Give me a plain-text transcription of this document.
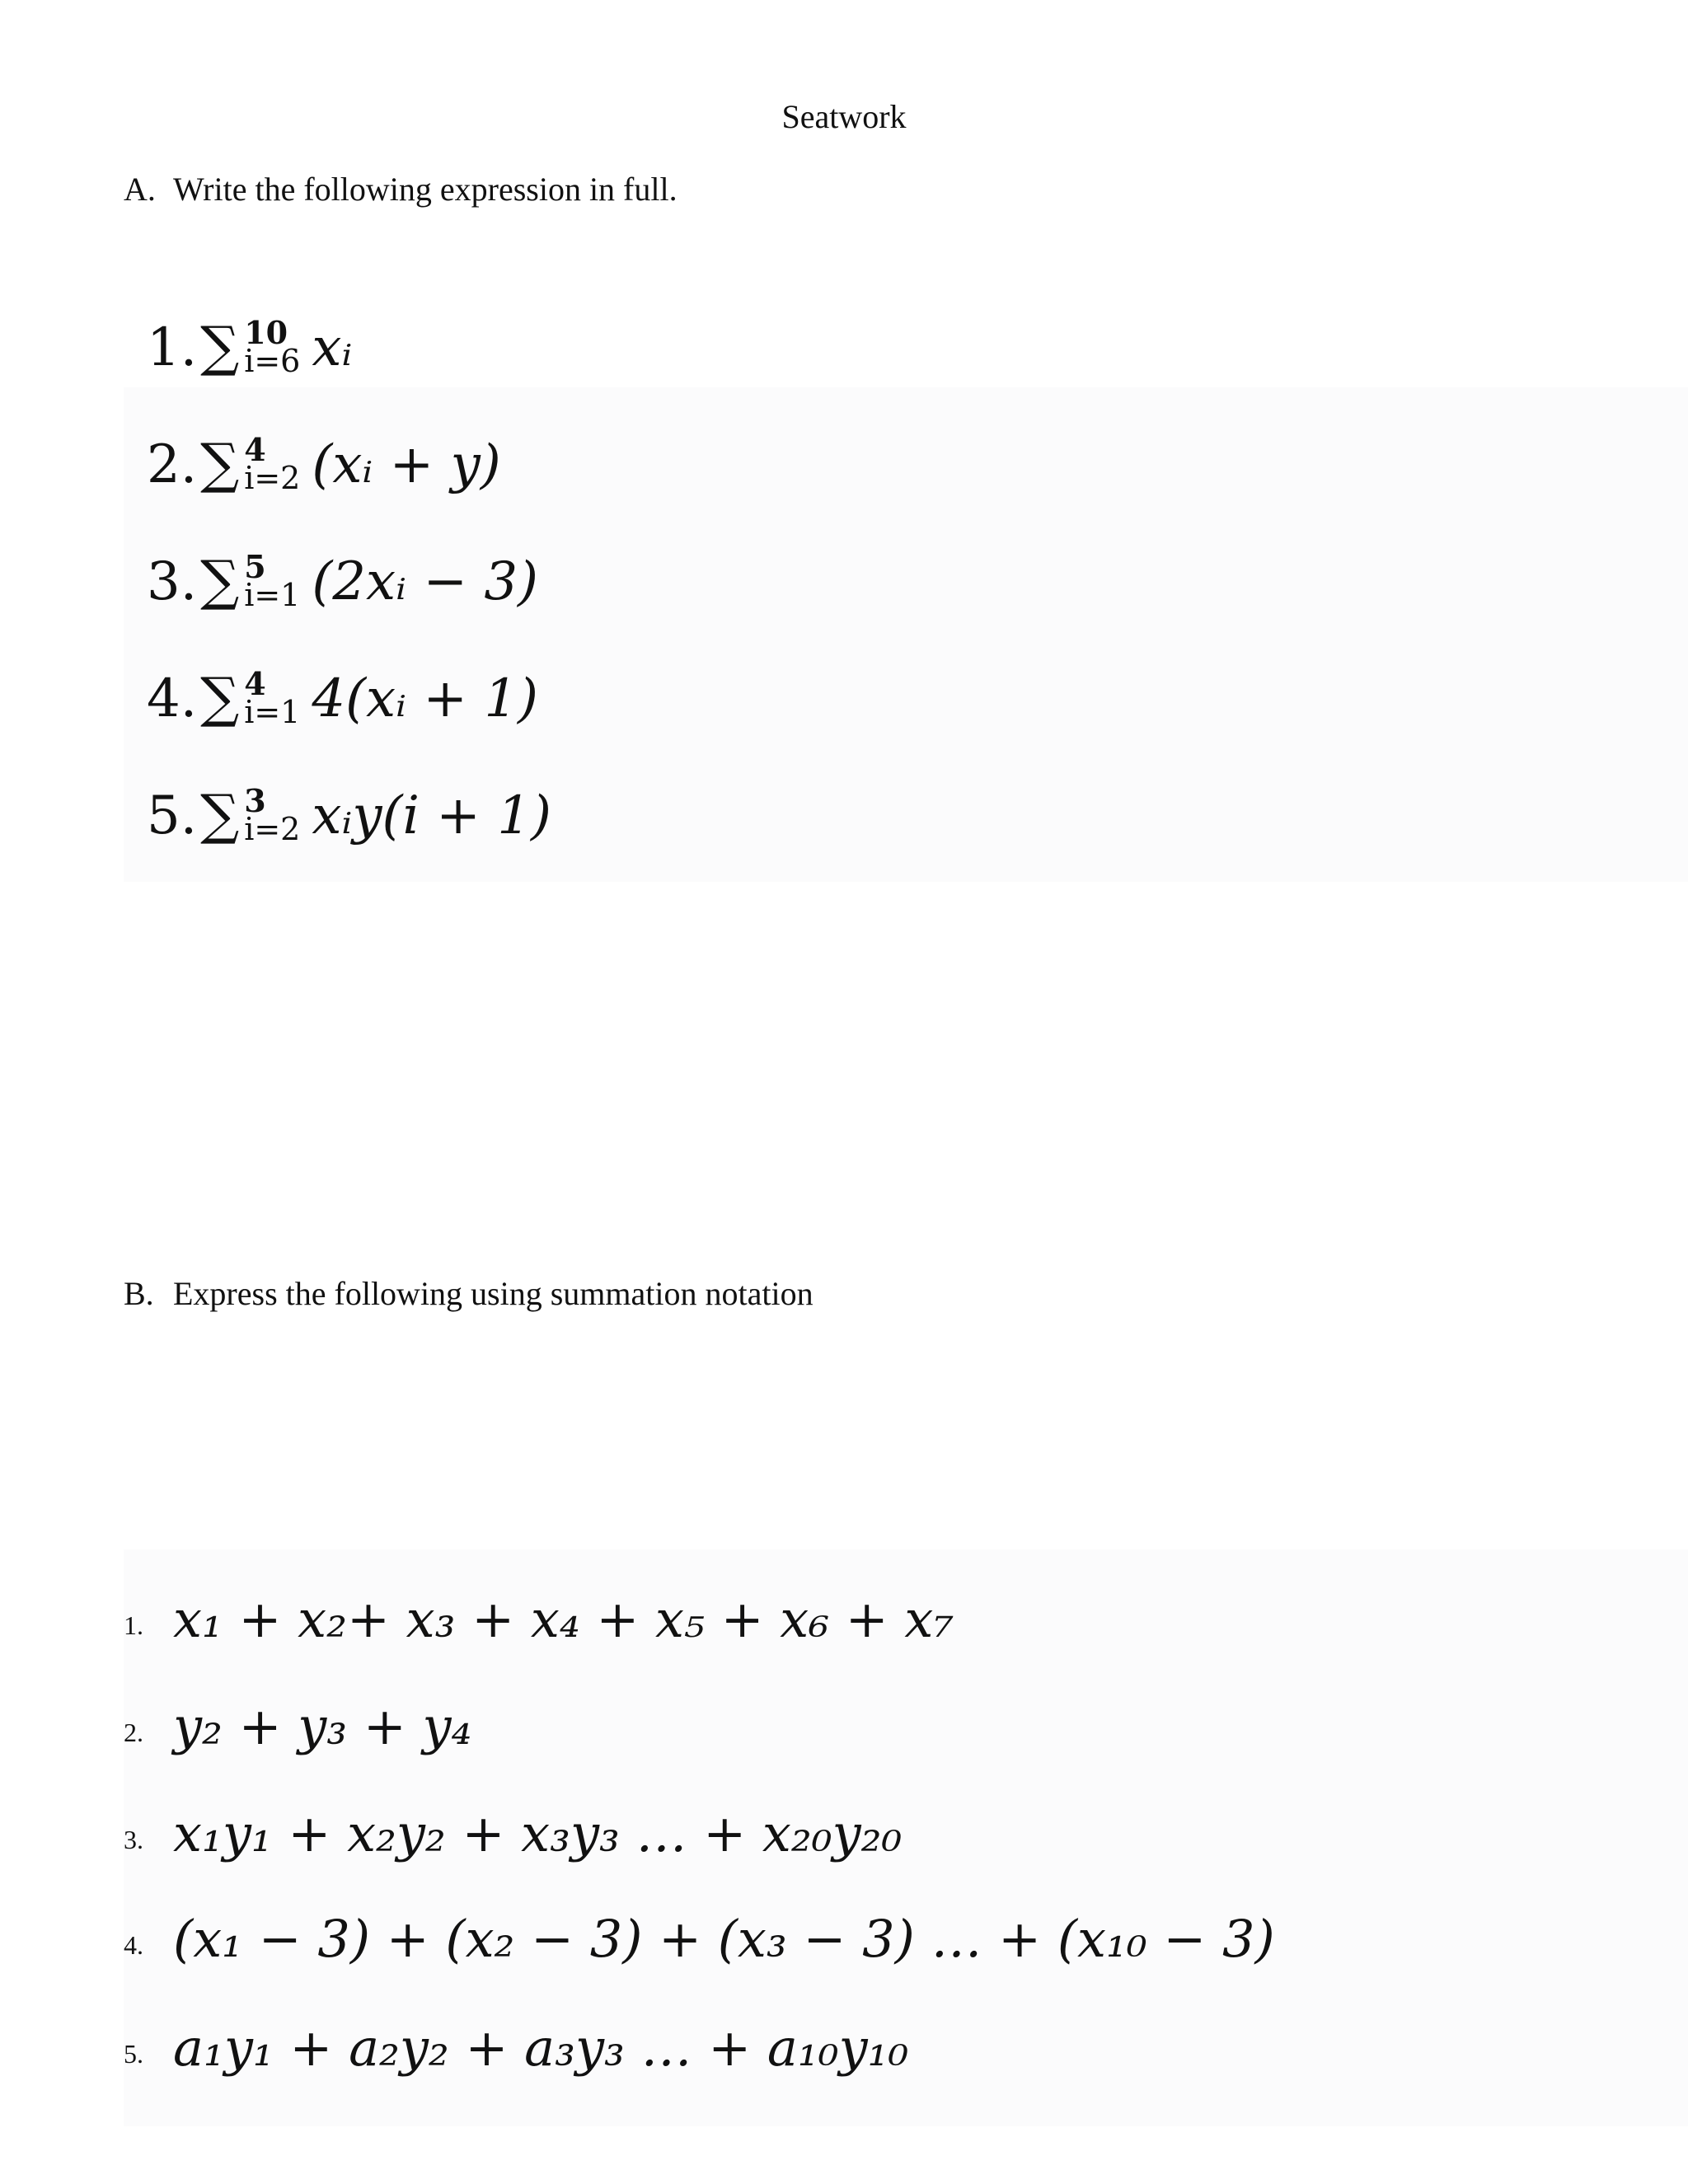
Seatwork
A. Write the following expression in full.
1.∑ 10
i=6 xᵢ
2.∑ 4
i=2 (xᵢ + y)
3.∑ 5
i=1 (2xᵢ − 3)
4.∑ 4
i=1 4(xᵢ + 1)
5.∑ 3
i=2 xᵢy(i + 1)
B. Express the following using summation notation
1. x₁ + x₂+ x₃ + x₄ + x₅ + x₆ + x₇
2. y₂ + y₃ + y₄
3. x₁y₁ + x₂y₂ + x₃y₃ … + x₂₀y₂₀
4. (x₁ − 3) + (x₂ − 3) + (x₃ − 3) … + (x₁₀ − 3)
5. a₁y₁ + a₂y₂ + a₃y₃ … + a₁₀y₁₀
